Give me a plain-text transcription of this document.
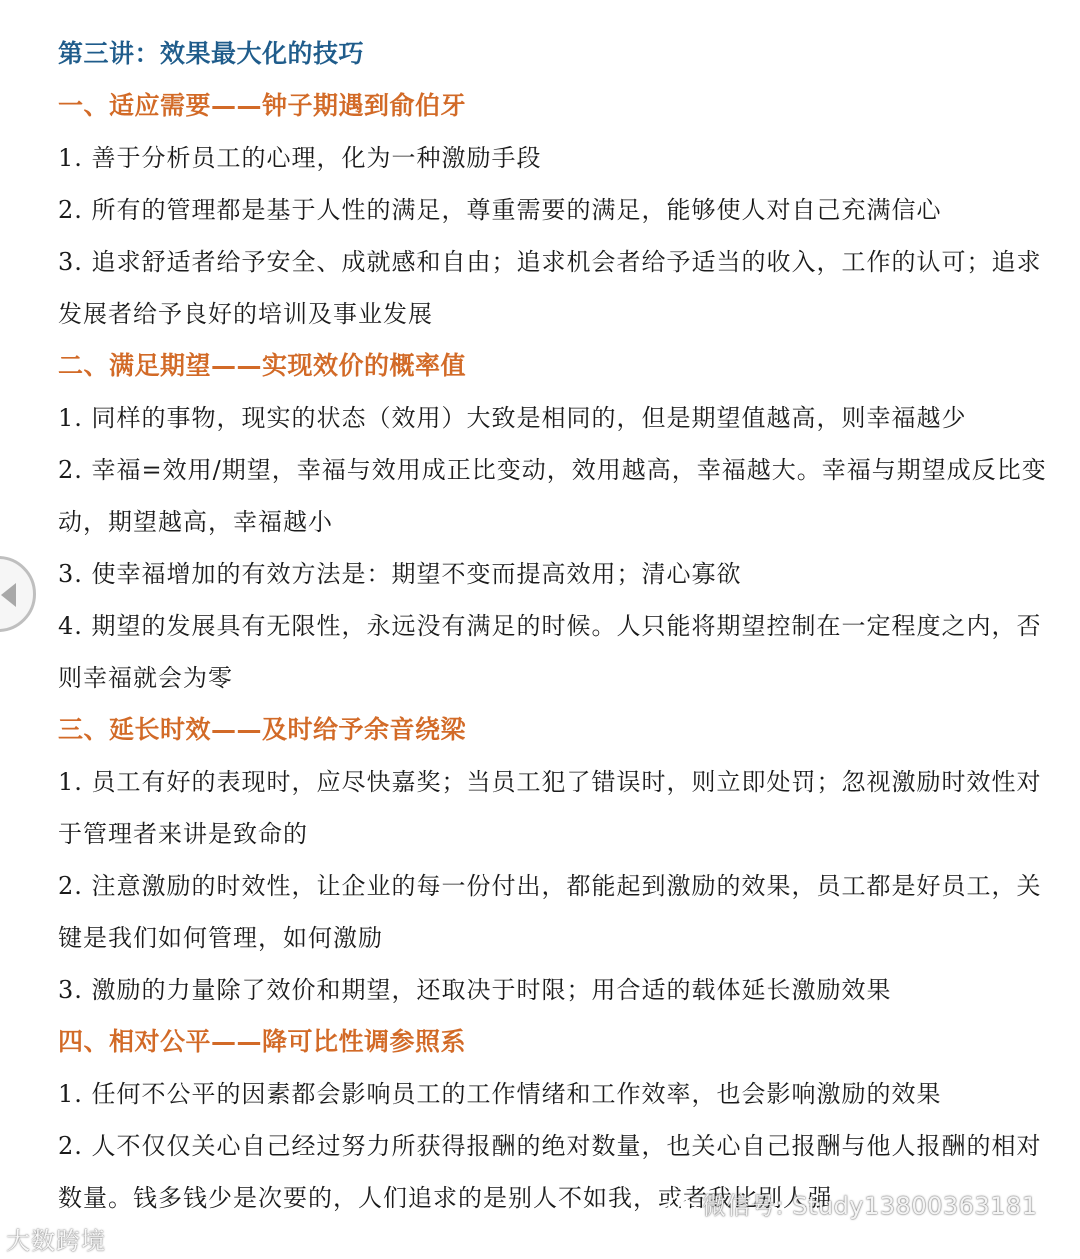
第三讲：效果最大化的技巧

一、适应需要——钟子期遇到俞伯牙

1. 善于分析员工的心理，化为一种激励手段

2. 所有的管理都是基于人性的满足，尊重需要的满足，能够使人对自己充满信心

3. 追求舒适者给予安全、成就感和自由；追求机会者给予适当的收入，工作的认可；追求发展者给予良好的培训及事业发展

二、满足期望——实现效价的概率值

1. 同样的事物，现实的状态（效用）大致是相同的，但是期望值越高，则幸福越少

2. 幸福=效用/期望，幸福与效用成正比变动，效用越高，幸福越大。幸福与期望成反比变动，期望越高，幸福越小

3. 使幸福增加的有效方法是：期望不变而提高效用；清心寡欲

4. 期望的发展具有无限性，永远没有满足的时候。人只能将期望控制在一定程度之内，否则幸福就会为零

三、延长时效——及时给予余音绕梁

1. 员工有好的表现时，应尽快嘉奖；当员工犯了错误时，则立即处罚；忽视激励时效性对于管理者来讲是致命的

2. 注意激励的时效性，让企业的每一份付出，都能起到激励的效果，员工都是好员工，关键是我们如何管理，如何激励

3. 激励的力量除了效价和期望，还取决于时限；用合适的载体延长激励效果

四、相对公平——降可比性调参照系

1. 任何不公平的因素都会影响员工的工作情绪和工作效率，也会影响激励的效果

2. 人不仅仅关心自己经过努力所获得报酬的绝对数量，也关心自己报酬与他人报酬的相对数量。钱多钱少是次要的，人们追求的是别人不如我，或者我比别人强

大数跨境
微信号: Study13800363181
